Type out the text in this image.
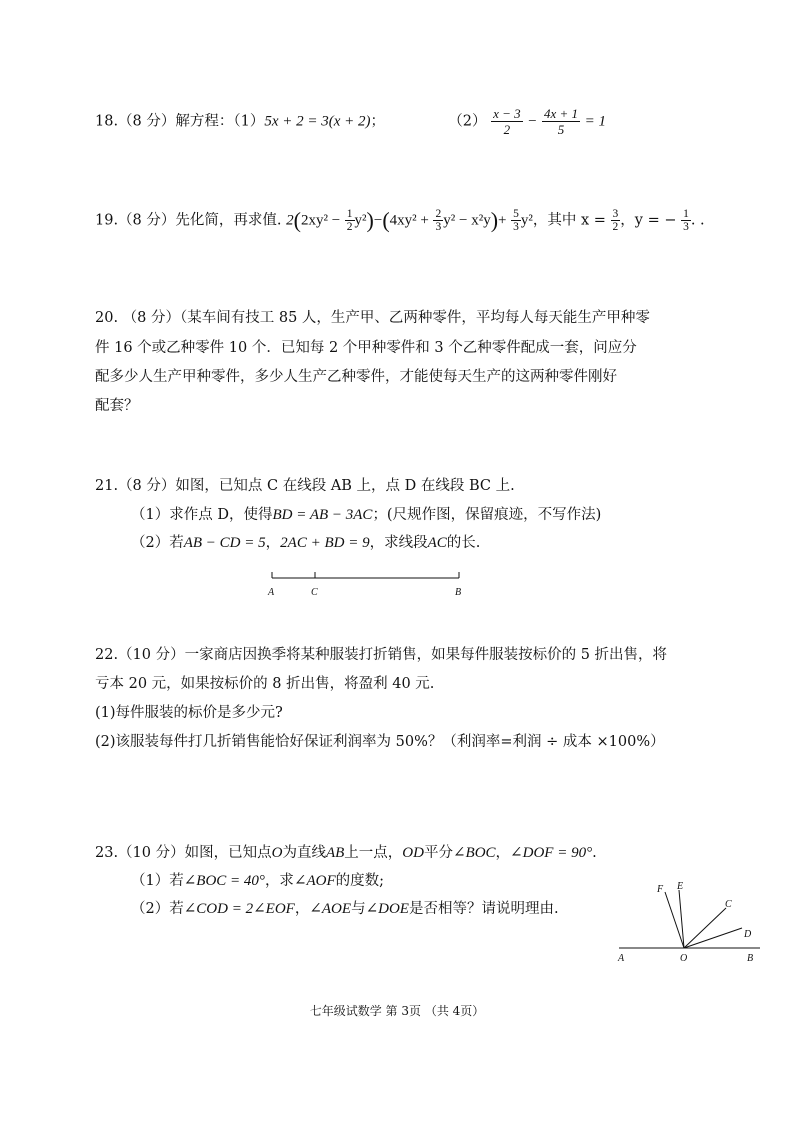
18.（8 分）解方程：（1）5x + 2 = 3(x + 2)；	$(2) \frac{x - 3}{2} - \frac{4x + 1}{5} = 1$
19.（8 分）先化简，再求值. $2(2xy^2 - \frac{1}{2} y^2)-(4xy^2 + \frac{2}{3} y^2 - x^2y)+ \frac{5}{3} y^2$，其中 $x = \frac{3}{2}$ ，y = − $\frac{1}{3}$ . .
20. （8 分）（某车间有技工 85 人，生产甲、乙两种零件，平均每人每天能生产甲种零
件 16 个或乙种零件 10 个．已知每 2 个甲种零件和 3 个乙种零件配成一套，问应分
配多少人生产甲种零件，多少人生产乙种零件，才能使每天生产的这两种零件刚好
配套？
21.（8 分）如图，已知点 C 在线段 AB 上，点 D 在线段 BC 上.
（1）求作点 D，使得BD = AB − 3AC；(尺规作图，保留痕迹，不写作法)
（2）若AB − CD = 5，2AC + BD = 9，求线段AC的长.
A	C	B
22.（10 分）一家商店因换季将某种服装打折销售，如果每件服装按标价的 5 折出售，将
亏本 20 元，如果按标价的 8 折出售，将盈利 40 元.
(1)每件服装的标价是多少元?
(2)该服装每件打几折销售能恰好保证利润率为 50%？（利润率=利润 ÷ 成本 ×100%）
23.（10 分）如图，已知点O为直线AB上一点，OD平分∠BOC，∠DOF = 90°.
（1）若∠BOC = 40°，求∠AOF的度数;
（2）若∠COD = 2∠EOF，∠AOE与∠DOE是否相等？请说明理由.
F E
C
D
A	O	B
七年级试数学 第 3页 （共 4页）
